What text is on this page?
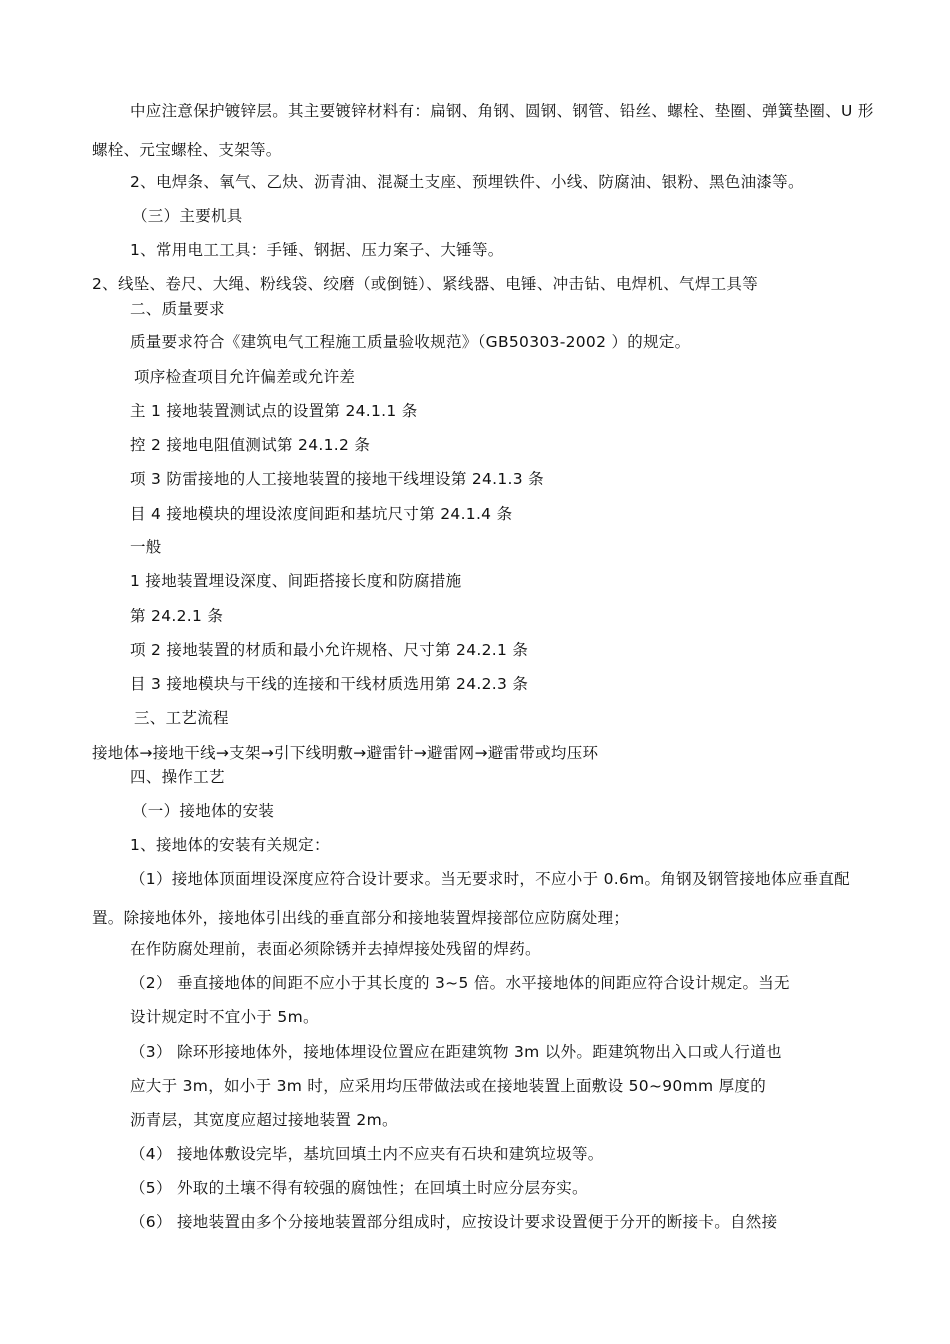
中应注意保护镀锌层。其主要镀锌材料有：扁钢、角钢、圆钢、钢管、铅丝、螺栓、垫圈、弹簧垫圈、U 形

螺栓、元宝螺栓、支架等。

2、电焊条、氧气、乙炔、沥青油、混凝土支座、预埋铁件、小线、防腐油、银粉、黑色油漆等。

（三）主要机具

1、常用电工工具：手锤、钢据、压力案子、大锤等。

2、线坠、卷尺、大绳、粉线袋、绞磨（或倒链）、紧线器、电锤、冲击钻、电焊机、气焊工具等

二、质量要求

质量要求符合《建筑电气工程施工质量验收规范》（GB50303-2002 ）的规定。

项序检查项目允许偏差或允许差

主 1 接地装置测试点的设置第 24.1.1 条

控 2 接地电阻值测试第 24.1.2 条

项 3 防雷接地的人工接地装置的接地干线埋设第 24.1.3 条

目 4 接地模块的埋设浓度间距和基坑尺寸第 24.1.4 条

一般

1 接地装置埋设深度、间距搭接长度和防腐措施

第 24.2.1 条

项 2 接地装置的材质和最小允许规格、尺寸第 24.2.1 条

目 3 接地模块与干线的连接和干线材质选用第 24.2.3 条

三、工艺流程

接地体→接地干线→支架→引下线明敷→避雷针→避雷网→避雷带或均压环

四、操作工艺

（一）接地体的安装

1、接地体的安装有关规定：

（1）接地体顶面埋设深度应符合设计要求。当无要求时，不应小于 0.6m。角钢及钢管接地体应垂直配

置。除接地体外，接地体引出线的垂直部分和接地装置焊接部位应防腐处理；

在作防腐处理前，表面必须除锈并去掉焊接处残留的焊药。

（2） 垂直接地体的间距不应小于其长度的 3~5 倍。水平接地体的间距应符合设计规定。当无

设计规定时不宜小于 5m。

（3） 除环形接地体外，接地体埋设位置应在距建筑物 3m 以外。距建筑物出入口或人行道也

应大于 3m，如小于 3m 时，应采用均压带做法或在接地装置上面敷设 50~90mm 厚度的

沥青层，其宽度应超过接地装置 2m。

（4） 接地体敷设完毕，基坑回填土内不应夹有石块和建筑垃圾等。

（5） 外取的土壤不得有较强的腐蚀性；在回填土时应分层夯实。

（6） 接地装置由多个分接地装置部分组成时，应按设计要求设置便于分开的断接卡。自然接
